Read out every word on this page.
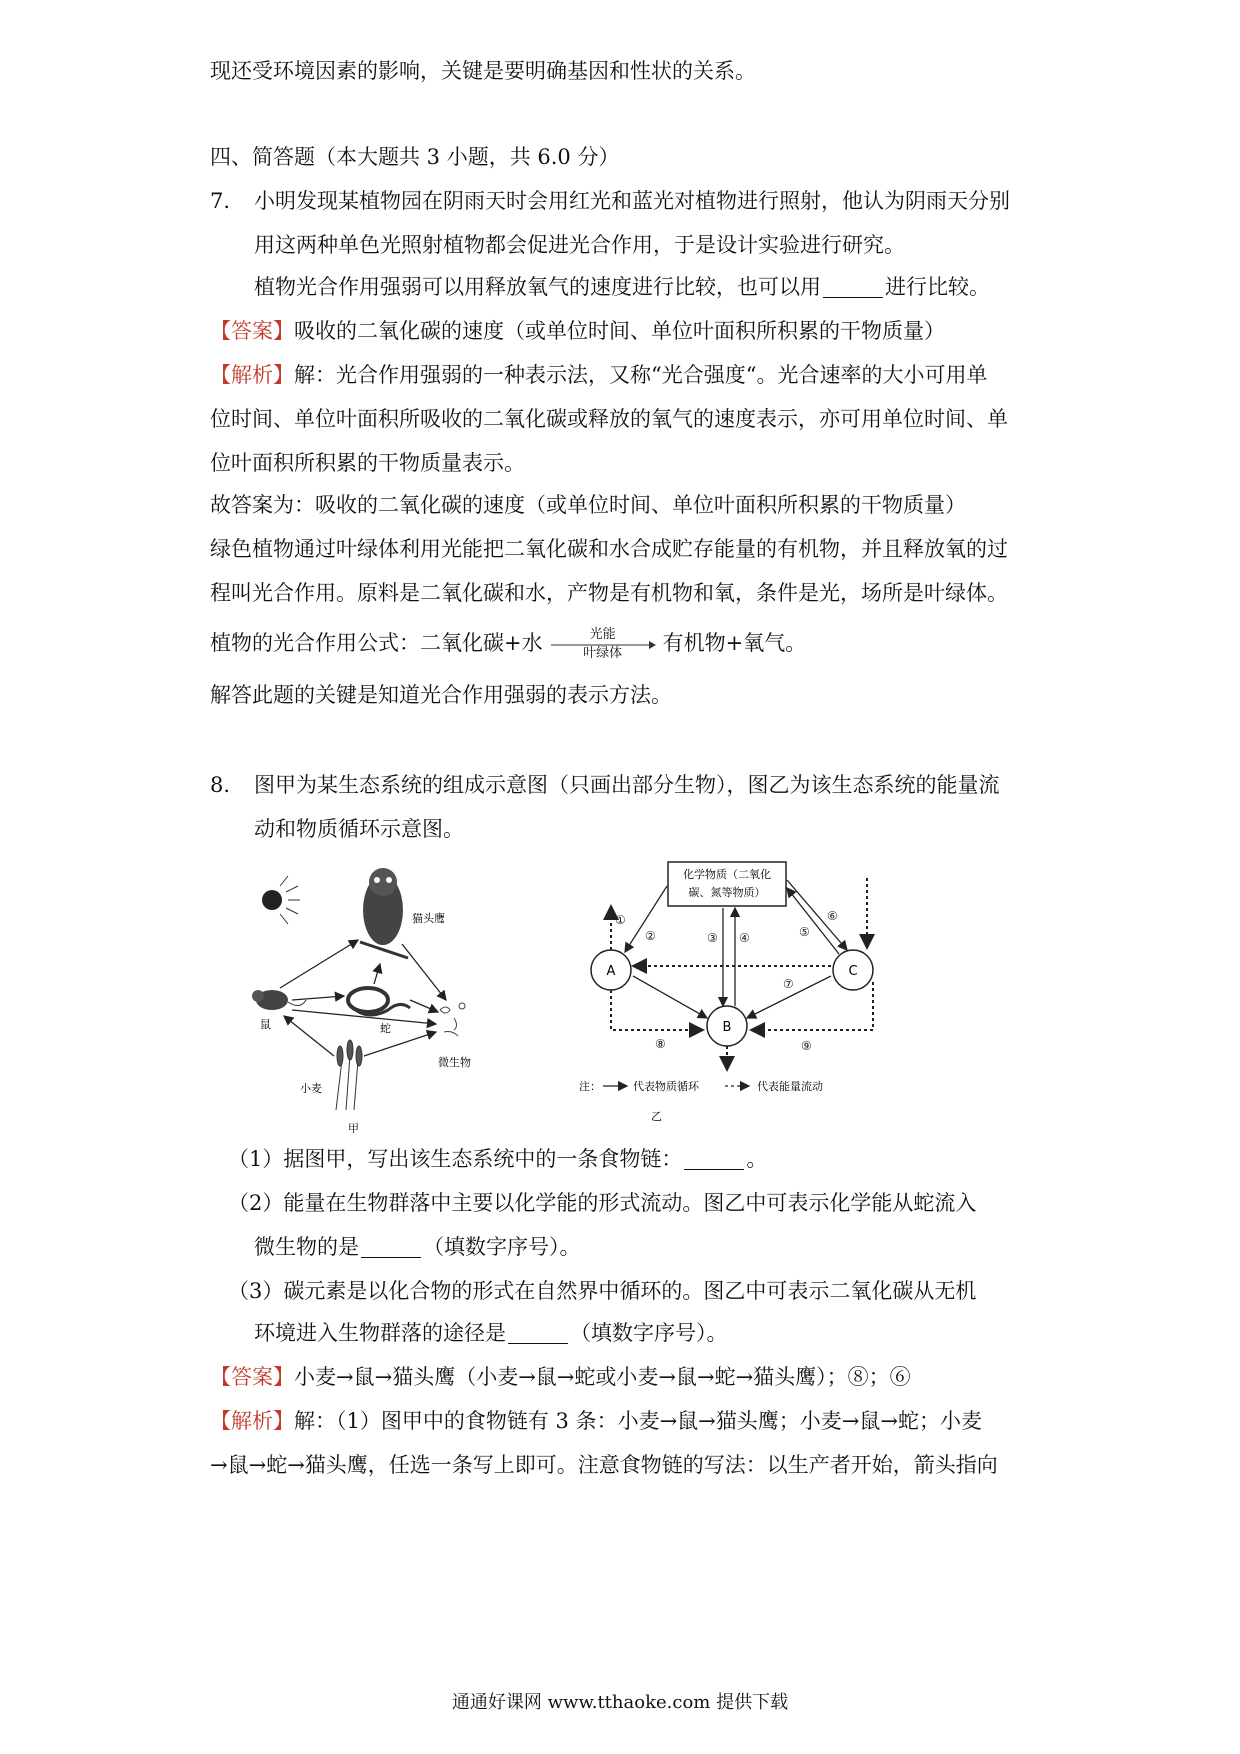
现还受环境因素的影响，关键是要明确基因和性状的关系。
四、简答题（本大题共 3 小题，共 6.0 分）
7. 小明发现某植物园在阴雨天时会用红光和蓝光对植物进行照射，他认为阴雨天分别
用这两种单色光照射植物都会促进光合作用，于是设计实验进行研究。
植物光合作用强弱可以用释放氧气的速度进行比较，也可以用	进行比较。
【答案】吸收的二氧化碳的速度（或单位时间、单位叶面积所积累的干物质量）
【解析】解：光合作用强弱的一种表示法，又称“光合强度“。光合速率的大小可用单
位时间、单位叶面积所吸收的二氧化碳或释放的氧气的速度表示，亦可用单位时间、单
位叶面积所积累的干物质量表示。
故答案为：吸收的二氧化碳的速度（或单位时间、单位叶面积所积累的干物质量）
绿色植物通过叶绿体利用光能把二氧化碳和水合成贮存能量的有机物，并且释放氧的过
程叫光合作用。原料是二氧化碳和水，产物是有机物和氧，条件是光，场所是叶绿体。
植物的光合作用公式：二氧化碳+水	光能
叶绿体	有机物+氧气。
解答此题的关键是知道光合作用强弱的表示方法。
8. 图甲为某生态系统的组成示意图（只画出部分生物），图乙为该生态系统的能量流
动和物质循环示意图。
猫头鹰
鼠	蛇
微生物
小麦
甲
化学物质（二氧化
碳、氮等物质）
A	C
B
①
②	③ ④	⑤
⑥
⑦
⑧	⑨
注：	代表物质循环	代表能量流动
乙
（1）据图甲，写出该生态系统中的一条食物链：	。
（2）能量在生物群落中主要以化学能的形式流动。图乙中可表示化学能从蛇流入
微生物的是	（填数字序号）。
（3）碳元素是以化合物的形式在自然界中循环的。图乙中可表示二氧化碳从无机
环境进入生物群落的途径是	（填数字序号）。
【答案】小麦→鼠→猫头鹰（小麦→鼠→蛇或小麦→鼠→蛇→猫头鹰）；⑧；⑥
【解析】解：（1）图甲中的食物链有 3 条：小麦→鼠→猫头鹰；小麦→鼠→蛇；小麦
→鼠→蛇→猫头鹰，任选一条写上即可。注意食物链的写法：以生产者开始，箭头指向
通通好课网 www.tthaoke.com 提供下载
